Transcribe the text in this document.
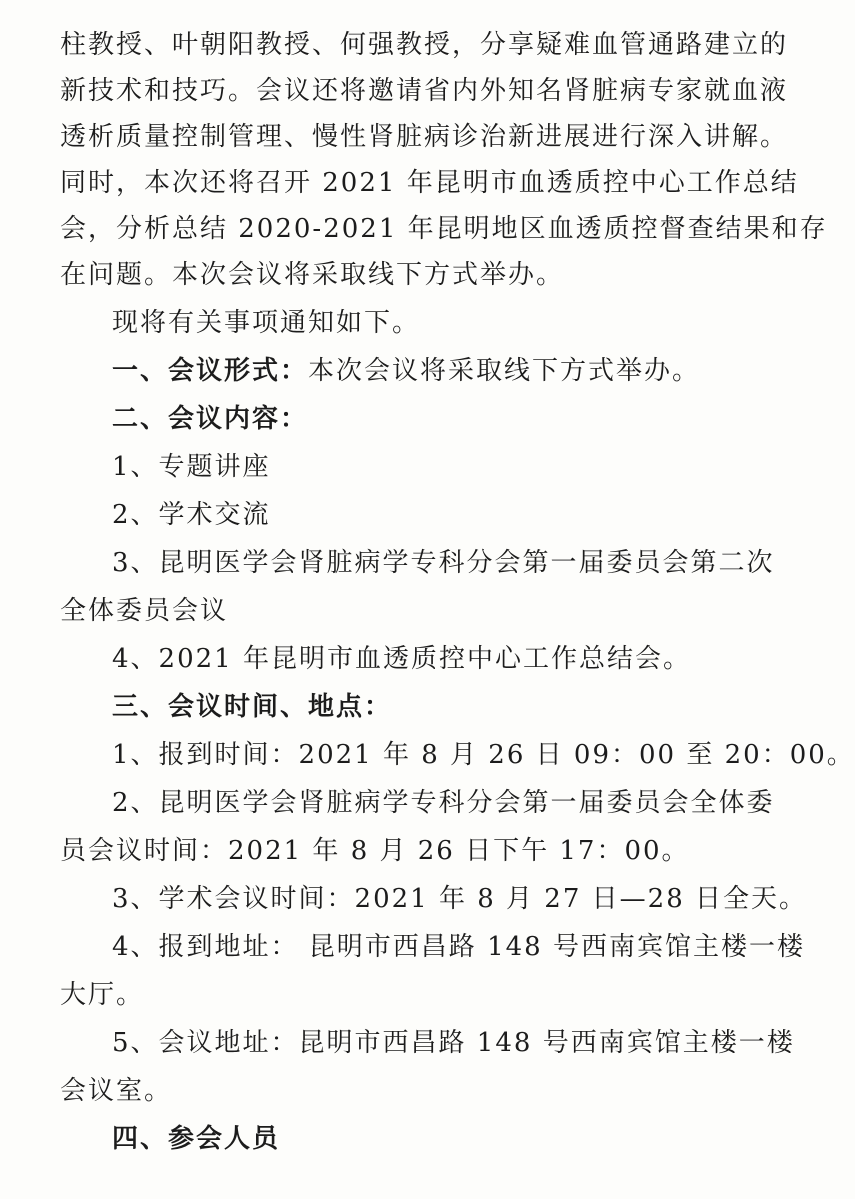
柱教授、叶朝阳教授、何强教授，分享疑难血管通路建立的
新技术和技巧。会议还将邀请省内外知名肾脏病专家就血液
透析质量控制管理、慢性肾脏病诊治新进展进行深入讲解。
同时，本次还将召开 2021 年昆明市血透质控中心工作总结
会，分析总结 2020-2021 年昆明地区血透质控督查结果和存
在问题。本次会议将采取线下方式举办。
现将有关事项通知如下。
一、会议形式：本次会议将采取线下方式举办。
二、会议内容：
1、专题讲座
2、学术交流
3、昆明医学会肾脏病学专科分会第一届委员会第二次
全体委员会议
4、2021 年昆明市血透质控中心工作总结会。
三、会议时间、地点：
1、报到时间：2021 年 8 月 26 日 09：00 至 20：00。
2、昆明医学会肾脏病学专科分会第一届委员会全体委
员会议时间：2021 年 8 月 26 日下午 17：00。
3、学术会议时间：2021 年 8 月 27 日—28 日全天。
4、报到地址： 昆明市西昌路 148 号西南宾馆主楼一楼
大厅。
5、会议地址：昆明市西昌路 148 号西南宾馆主楼一楼
会议室。
四、参会人员
